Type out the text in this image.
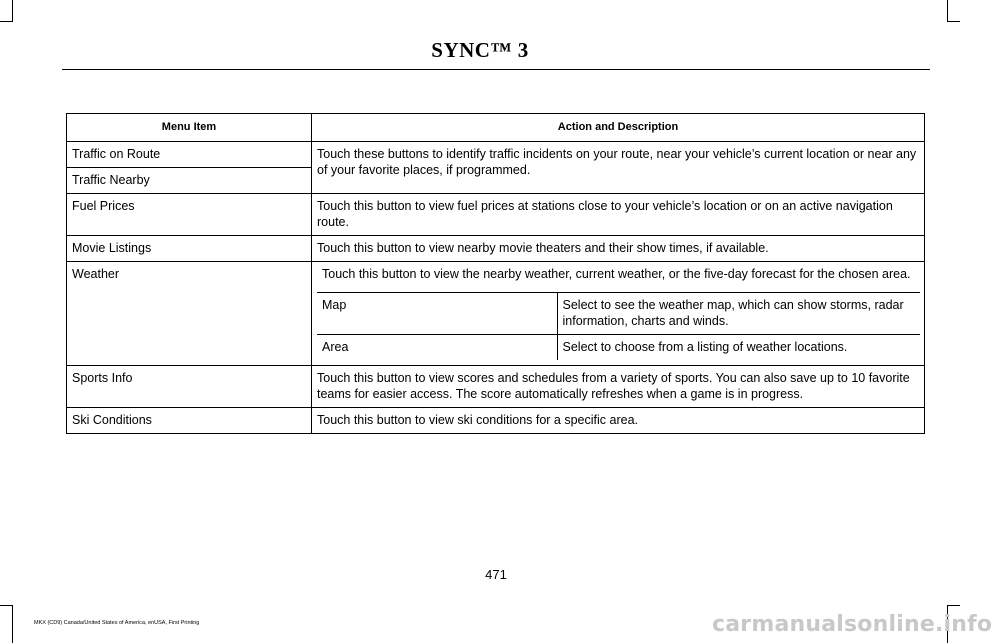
SYNC™ 3
Menu Item	Action and Description
Traffic on Route	Touch these buttons to identify traffic incidents on your route, near your vehicle’s current location or near any of your favorite places, if programmed.
Traffic Nearby
Fuel Prices	Touch this button to view fuel prices at stations close to your vehicle’s location or on an active navigation route.
Movie Listings	Touch this button to view nearby movie theaters and their show times, if available.
Weather	Touch this button to view the nearby weather, current weather, or the five-day forecast for the chosen area.
Map	Select to see the weather map, which can show storms, radar information, charts and winds.
Area	Select to choose from a listing of weather locations.

Sports Info	Touch this button to view scores and schedules from a variety of sports. You can also save up to 10 favorite teams for easier access. The score automatically refreshes when a game is in progress.
Ski Conditions	Touch this button to view ski conditions for a specific area.
471
MKX (CD9) Canada/United States of America, enUSA, First Printing	carmanualsonline.info
